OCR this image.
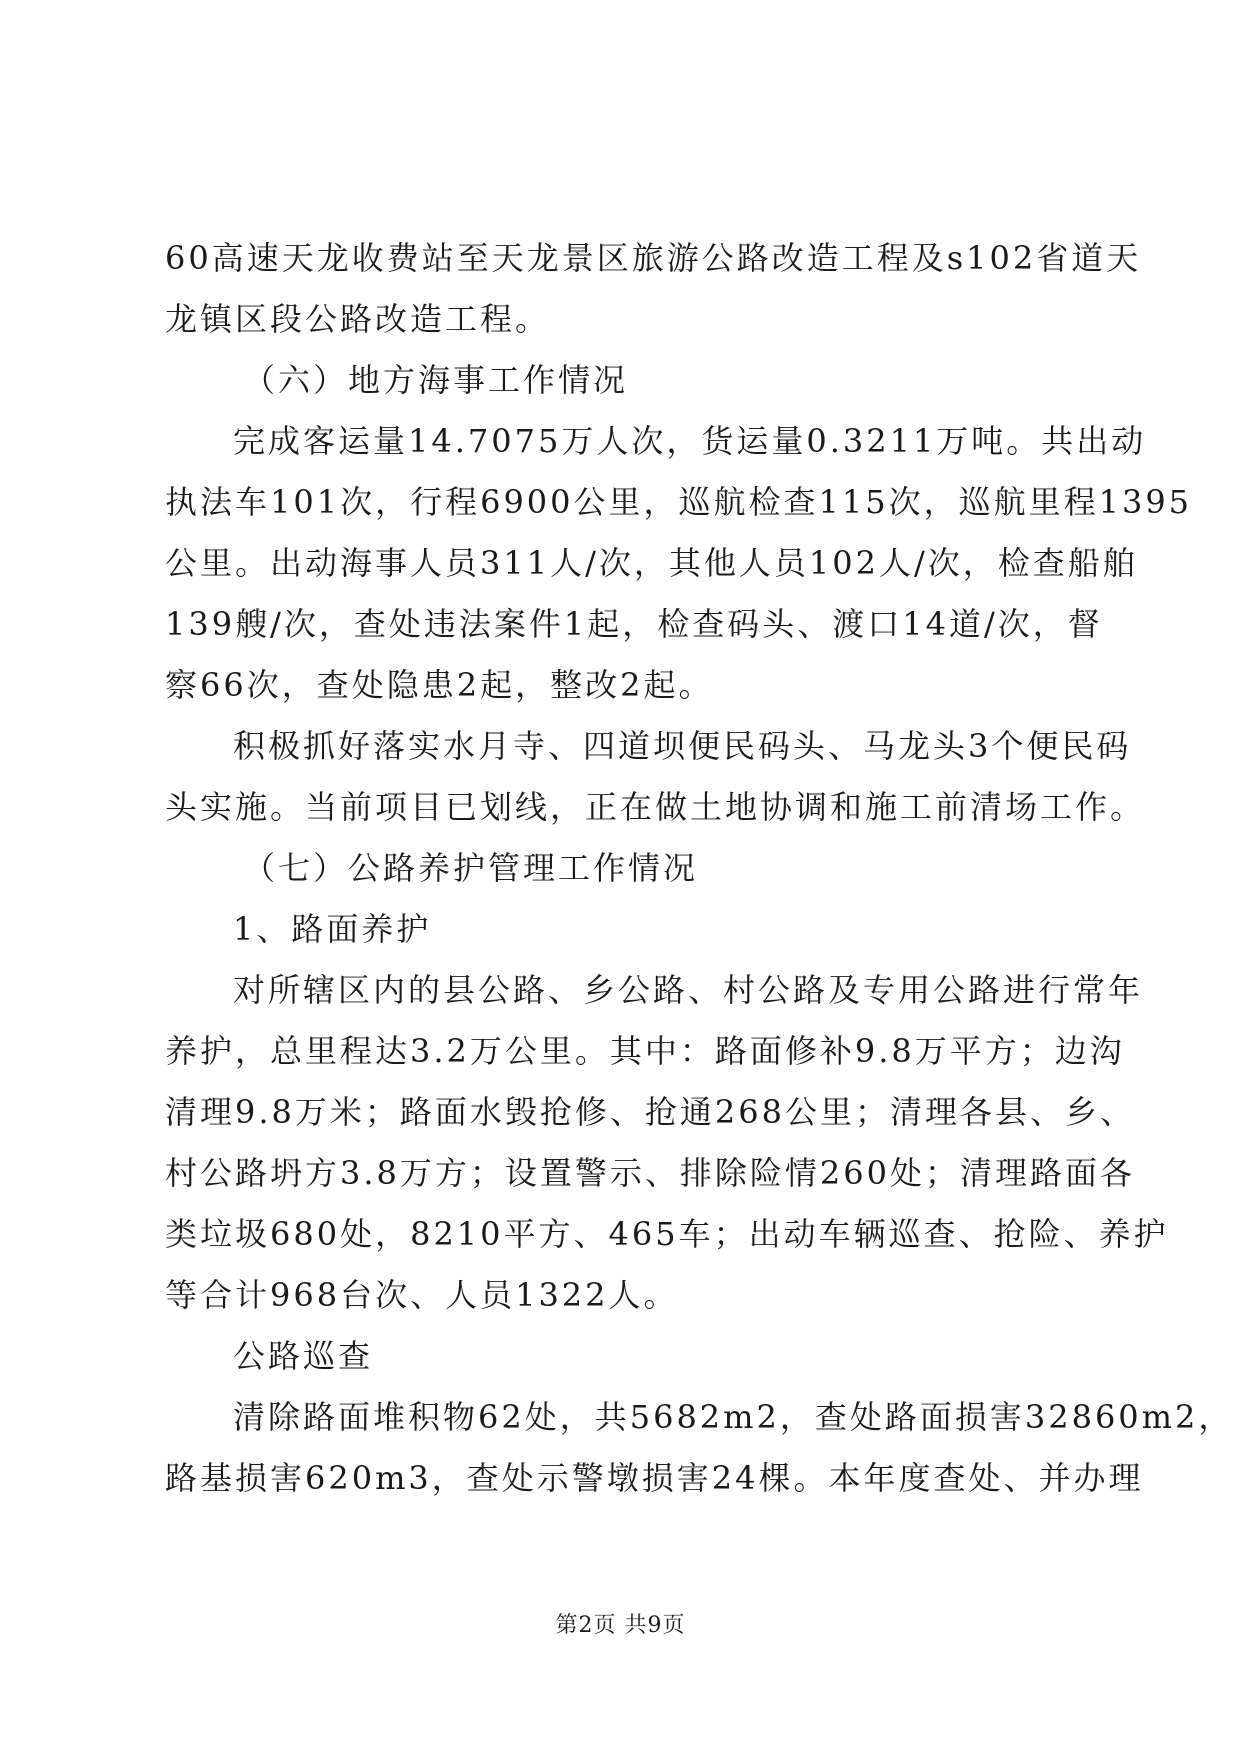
60高速天龙收费站至天龙景区旅游公路改造工程及s102省道天
龙镇区段公路改造工程。
（六）地方海事工作情况
完成客运量14.7075万人次，货运量0.3211万吨。共出动
执法车101次，行程6900公里，巡航检查115次，巡航里程1395
公里。出动海事人员311人/次，其他人员102人/次，检查船舶
139艘/次，查处违法案件1起，检查码头、渡口14道/次，督
察66次，查处隐患2起，整改2起。
积极抓好落实水月寺、四道坝便民码头、马龙头3个便民码
头实施。当前项目已划线，正在做土地协调和施工前清场工作。
（七）公路养护管理工作情况
1、路面养护
对所辖区内的县公路、乡公路、村公路及专用公路进行常年
养护，总里程达3.2万公里。其中：路面修补9.8万平方；边沟
清理9.8万米；路面水毁抢修、抢通268公里；清理各县、乡、
村公路坍方3.8万方；设置警示、排除险情260处；清理路面各
类垃圾680处，8210平方、465车；出动车辆巡查、抢险、养护
等合计968台次、人员1322人。
公路巡查
清除路面堆积物62处，共5682m2，查处路面损害32860m2，
路基损害620m3，查处示警墩损害24棵。本年度查处、并办理
第2页 共9页
